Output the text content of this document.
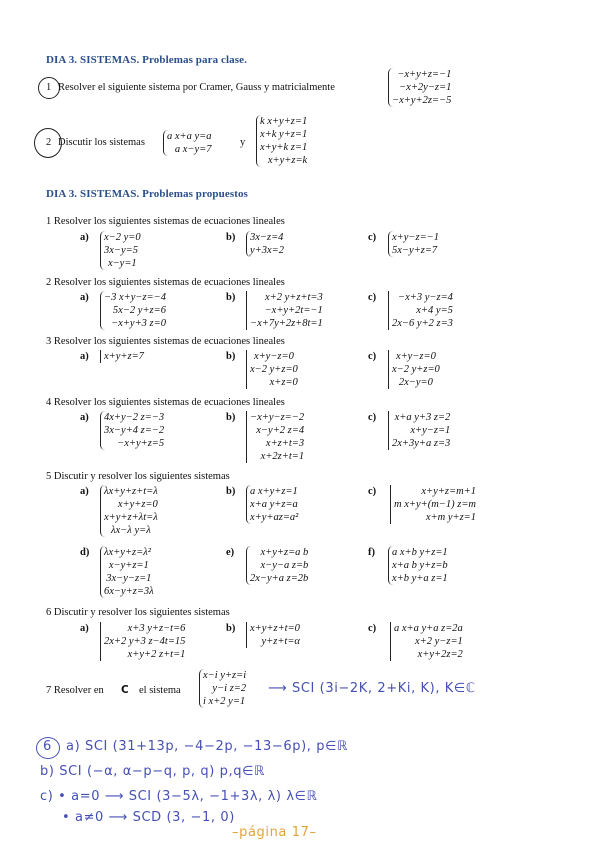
DIA 3. SISTEMAS. Problemas para clase.
1 Resolver el siguiente sistema por Cramer, Gauss y matricialmente
−x+y+z=−1
−x+2y−z=1
−x+y+2z=−5
2 Discutir los sistemas
a x+a y=a
a x−y=7
y
k x+y+z=1
x+k y+z=1
x+y+k z=1
x+y+z=k
DIA 3. SISTEMAS. Problemas propuestos
1 Resolver los siguientes sistemas de ecuaciones lineales
a) x−2 y=0
3x−y=5
x−y=1
b) 3x−z=4
y+3x=2
c) x+y−z=−1
5x−y+z=7
2 Resolver los siguientes sistemas de ecuaciones lineales
a) −3 x+y−z=−4
5x−2 y+z=6
−x+y+3 z=0
b)	x+2 y+z+t=3
−x+y+2t=−1
−x+7y+2z+8t=1
c)	−x+3 y−z=4
x+4 y=5
2x−6 y+2 z=3
3 Resolver los siguientes sistemas de ecuaciones lineales
a) x+y+z=7	b)	x+y−z=0
x−2 y+z=0
x+z=0
c)	x+y−z=0
x−2 y+z=0
2x−y=0
4 Resolver los siguientes sistemas de ecuaciones lineales
a) 4x+y−2 z=−3
3x−y+4 z=−2
−x+y+z=5
b) −x+y−z=−2
x−y+2 z=4
x+z+t=3
x+2z+t=1
c) x+a y+3 z=2
x+y−z=1
2x+3y+a z=3
5 Discutir y resolver los siguientes sistemas
a) λx+y+z+t=λ
x+y+z=0
x+y+z+λt=λ
λx−λ y=λ
b) a x+y+z=1
x+a y+z=a
x+y+az=a²
c)	x+y+z=m+1
m x+y+(m−1) z=m
x+m y+z=1
d) λx+y+z=λ²
x−y+z=1
3x−y−z=1
6x−y+z=3λ
e)	x+y+z=a b
x−y−a z=b
2x−y+a z=2b
f) a x+b y+z=1
x+a b y+z=b
x+b y+a z=1
6 Discutir y resolver los siguientes sistemas
a)	x+3 y+z−t=6
2x+2 y+3 z−4t=15
x+y+2 z+t=1
b) x+y+z+t=0
y+z+t=α
c) a x+a y+a z=2a
x+2 y−z=1
x+y+2z=2
7 Resolver en C el sistema
x−i y+z=i
y−i z=2
i x+2 y=1
⟶ SCI (3i−2K, 2+Ki, K), K∈ℂ
6 a) SCI (31+13p, −4−2p, −13−6p), p∈ℝ
b) SCI (−α, α−p−q, p, q) p,q∈ℝ
c) • a=0 ⟶ SCI (3−5λ, −1+3λ, λ) λ∈ℝ
• a≠0 ⟶ SCD (3, −1, 0)
–página 17–
